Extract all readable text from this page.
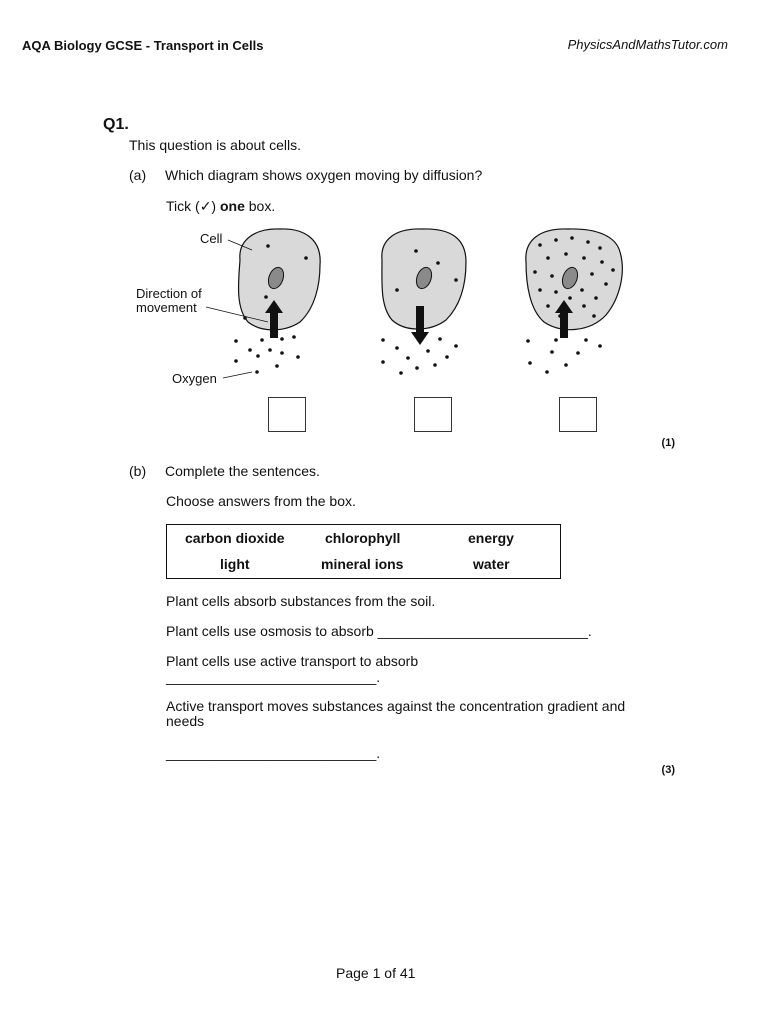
AQA Biology GCSE - Transport in Cells	PhysicsAndMathsTutor.com
Q1.
This question is about cells.
(a) Which diagram shows oxygen moving by diffusion?
Tick (✓) one box.
Cell
Direction of
movement
Oxygen
(1)
(b) Complete the sentences.
Choose answers from the box.
carbon dioxide	chlorophyll	energy
light	mineral ions	water
Plant cells absorb substances from the soil.
Plant cells use osmosis to absorb ___________________________.
Plant cells use active transport to absorb
___________________________.
Active transport moves substances against the concentration gradient and
needs
___________________________.
(3)
Page 1 of 41
